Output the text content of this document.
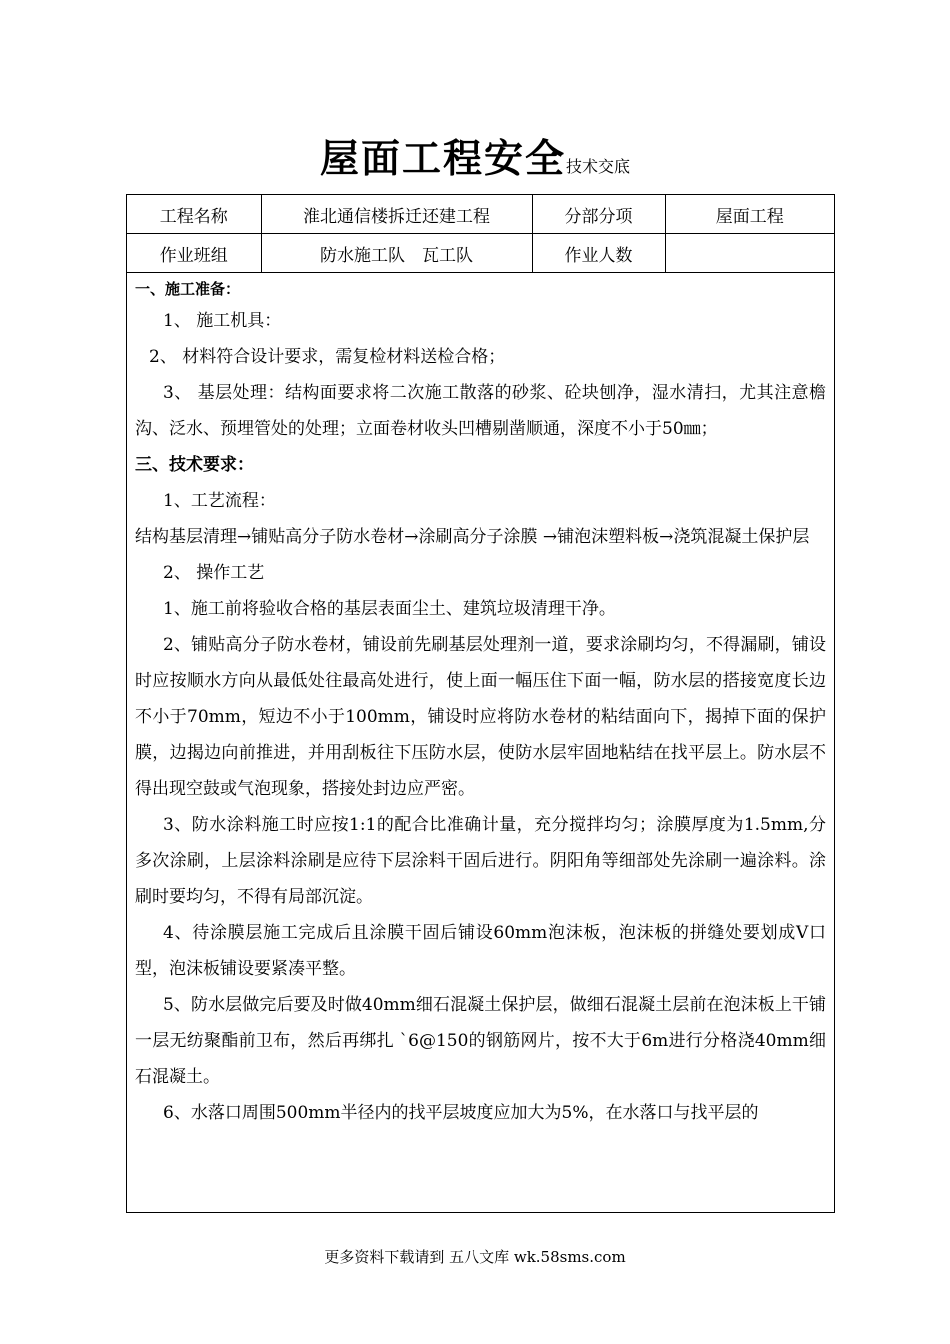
屋面工程安全技术交底
工程名称	淮北通信楼拆迁还建工程	分部分项	屋面工程
作业班组	防水施工队　瓦工队	作业人数	

一、施工准备：

1、 施工机具：

2、 材料符合设计要求，需复检材料送检合格；

3、 基层处理：结构面要求将二次施工散落的砂浆、砼块刨净，湿水清扫，尤其注意檐沟、泛水、预埋管处的处理；立面卷材收头凹槽剔凿顺通，深度不小于50㎜；

三、技术要求：

1、工艺流程：

结构基层清理→铺贴高分子防水卷材→涂刷高分子涂膜 →铺泡沫塑料板→浇筑混凝土保护层

2、 操作工艺

1、施工前将验收合格的基层表面尘土、建筑垃圾清理干净。

2、铺贴高分子防水卷材，铺设前先刷基层处理剂一道，要求涂刷均匀，不得漏刷，铺设时应按顺水方向从最低处往最高处进行，使上面一幅压住下面一幅，防水层的搭接宽度长边不小于70mm，短边不小于100mm，铺设时应将防水卷材的粘结面向下，揭掉下面的保护膜，边揭边向前推进，并用刮板往下压防水层，使防水层牢固地粘结在找平层上。防水层不得出现空鼓或气泡现象，搭接处封边应严密。

3、防水涂料施工时应按1:1的配合比准确计量，充分搅拌均匀；涂膜厚度为1.5mm,分多次涂刷，上层涂料涂刷是应待下层涂料干固后进行。阴阳角等细部处先涂刷一遍涂料。涂刷时要均匀，不得有局部沉淀。

4、待涂膜层施工完成后且涂膜干固后铺设60mm泡沫板，泡沫板的拼缝处要划成V口型，泡沫板铺设要紧凑平整。

5、防水层做完后要及时做40mm细石混凝土保护层，做细石混凝土层前在泡沫板上干铺一层无纺聚酯前卫布，然后再绑扎 `6@150的钢筋网片，按不大于6m进行分格浇40mm细石混凝土。

6、水落口周围500mm半径内的找平层坡度应加大为5%，在水落口与找平层的

更多资料下载请到 五八文库 wk.58sms.com
